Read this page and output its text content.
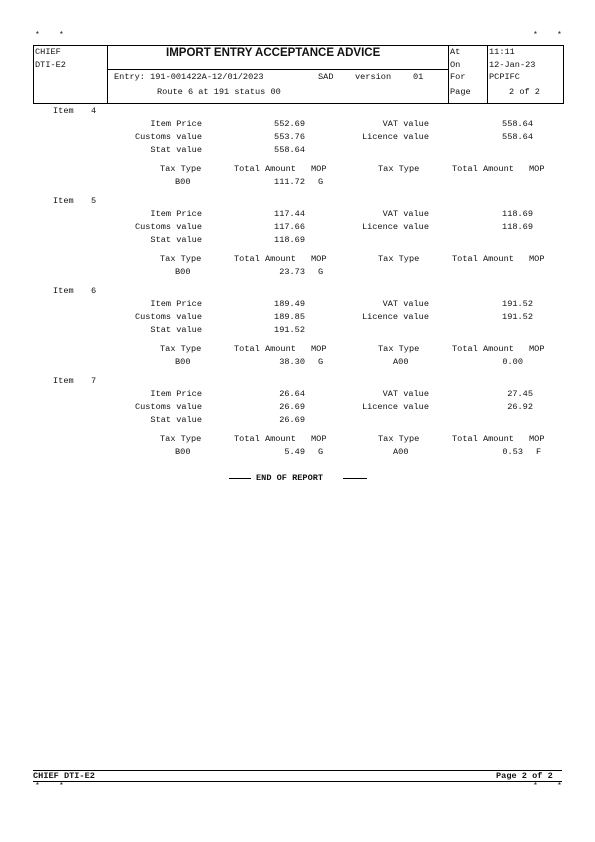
* *	* *
CHIEF
DTI-E2
IMPORT ENTRY ACCEPTANCE ADVICE
Entry: 191-001422A-12/01/2023	SAD	version	01
Route 6 at 191 status 00
At
On
For
Page
11:11
12-Jan-23
PCPIFC
2 of 2
Item 4
Item Price	552.69	VAT value	558.64
Customs value	553.76	Licence value	558.64
Stat value	558.64
Tax Type	Total Amount MOP	Tax Type	Total Amount MOP
B00	111.72 G
Item 5
Item Price	117.44	VAT value	118.69
Customs value	117.66	Licence value	118.69
Stat value	118.69
Tax Type	Total Amount MOP	Tax Type	Total Amount MOP
B00	23.73 G
Item 6
Item Price	189.49	VAT value	191.52
Customs value	189.85	Licence value	191.52
Stat value	191.52
Tax Type	Total Amount MOP	Tax Type	Total Amount MOP
B00	38.30 G	A00	0.00
Item 7
Item Price	26.64	VAT value	27.45
Customs value	26.69	Licence value	26.92
Stat value	26.69
Tax Type	Total Amount MOP	Tax Type	Total Amount MOP
B00	5.49 G	A00	0.53 F
END OF REPORT
CHIEF DTI-E2	Page 2 of 2
* *	* *
